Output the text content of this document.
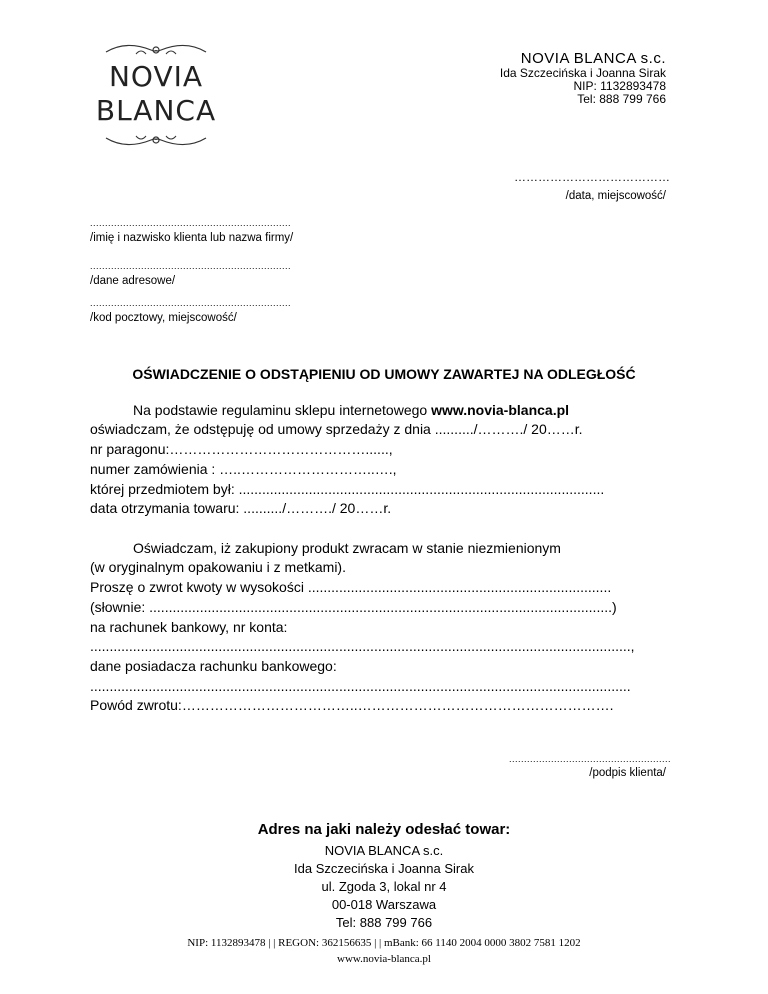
NOVIA
BLANCA
NOVIA BLANCA s.c.
Ida Szczecińska i Joanna Sirak
NIP: 1132893478
Tel: 888 799 766
…………………………………
/data, miejscowość/
...................................................................
/imię i nazwisko klienta lub nazwa firmy/
...................................................................
/dane adresowe/
...................................................................
/kod pocztowy, miejscowość/
OŚWIADCZENIE O ODSTĄPIENIU OD UMOWY ZAWARTEJ NA ODLEGŁOŚĆ
Na podstawie regulaminu sklepu internetowego www.novia-blanca.pl
oświadczam, że odstępuję od umowy sprzedaży z dnia ........../………./ 20……r.
nr paragonu:……………………………………......,
numer zamówienia : …..………………………..….,
której przedmiotem był: ..............................................................................................
data otrzymania towaru: ........../………./ 20……r.
Oświadczam, iż zakupiony produkt zwracam w stanie niezmienionym
(w oryginalnym opakowaniu i z metkami).
Proszę o zwrot kwoty w wysokości ..............................................................................
(słownie: .......................................................................................................................)
na rachunek bankowy, nr konta:
...........................................................................................................................................,
dane posiadacza rachunku bankowego:
...........................................................................................................................................
Powód zwrotu:………………………………..……………………………………………….
......................................................
/podpis klienta/
Adres na jaki należy odesłać towar:
NOVIA BLANCA s.c.
Ida Szczecińska i Joanna Sirak
ul. Zgoda 3, lokal nr 4
00-018 Warszawa
Tel: 888 799 766
NIP: 1132893478 | | REGON: 362156635 | | mBank: 66 1140 2004 0000 3802 7581 1202
www.novia-blanca.pl
